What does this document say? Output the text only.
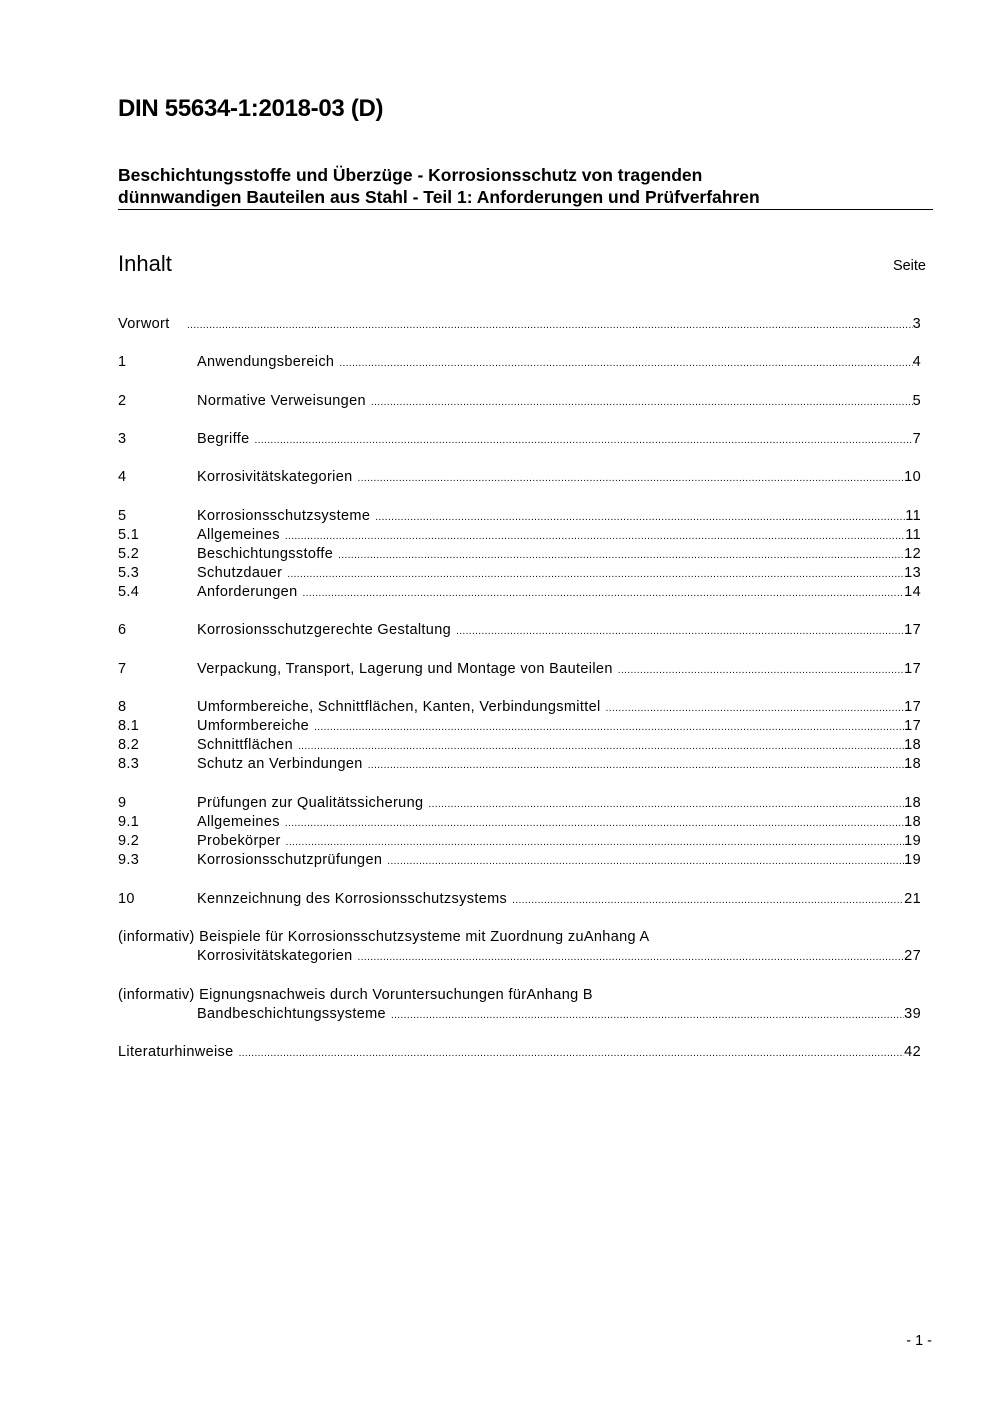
DIN 55634-1:2018-03 (D)
Beschichtungsstoffe und Überzüge - Korrosionsschutz von tragenden
dünnwandigen Bauteilen aus Stahl - Teil 1: Anforderungen und Prüfverfahren
Inhalt	Seite
Vorwort .....	3
1	Anwendungsbereich .....	4
2	Normative Verweisungen .....	5
3	Begriffe .....	7
4	Korrosivitätskategorien .....	10
5	Korrosionsschutzsysteme .....	11
5.1	Allgemeines .....	11
5.2	Beschichtungsstoffe .....	12
5.3	Schutzdauer .....	13
5.4	Anforderungen .....	14
6	Korrosionsschutzgerechte Gestaltung .....	17
7	Verpackung, Transport, Lagerung und Montage von Bauteilen .....	17
8	Umformbereiche, Schnittflächen, Kanten, Verbindungsmittel .....	17
8.1	Umformbereiche .....	17
8.2	Schnittflächen .....	18
8.3	Schutz an Verbindungen .....	18
9	Prüfungen zur Qualitätssicherung .....	18
9.1	Allgemeines .....	18
9.2	Probekörper .....	19
9.3	Korrosionsschutzprüfungen .....	19
10	Kennzeichnung des Korrosionsschutzsystems .....	21
(informativ) Beispiele für Korrosionsschutzsysteme mit Zuordnung zuAnhang A
Korrosivitätskategorien .....	27
(informativ) Eignungsnachweis durch Voruntersuchungen fürAnhang B
Bandbeschichtungssysteme .....	39
Literaturhinweise .....	42
- 1 -
